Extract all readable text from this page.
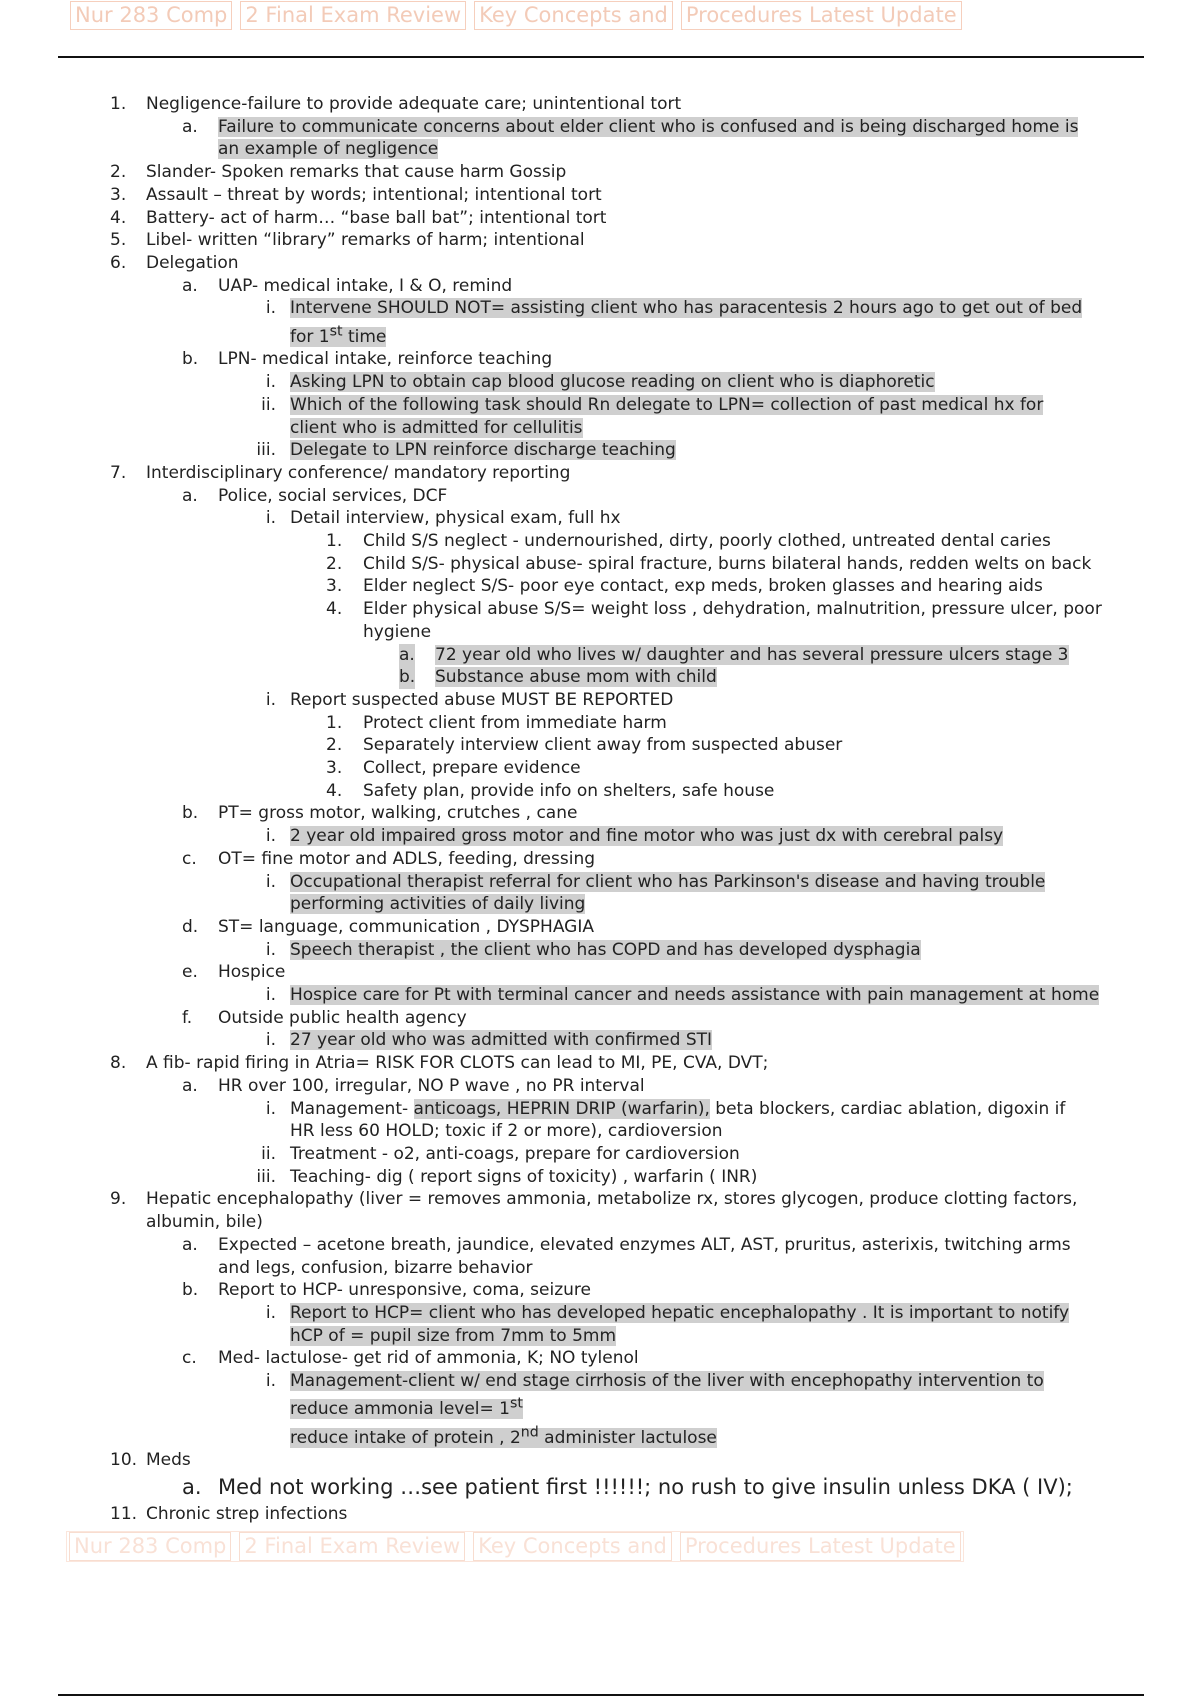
Nur 283 Comp 2 Final Exam Review Key Concepts and Procedures Latest Update
1. Negligence-failure to provide adequate care; unintentional tort
a. Failure to communicate concerns about elder client who is confused and is being discharged home is
an example of negligence
2. Slander- Spoken remarks that cause harm Gossip
3. Assault – threat by words; intentional; intentional tort
4. Battery- act of harm… “base ball bat”; intentional tort
5. Libel- written “library” remarks of harm; intentional
6. Delegation
a. UAP- medical intake, I & O, remind
i. Intervene SHOULD NOT= assisting client who has paracentesis 2 hours ago to get out of bed
for 1st time
b. LPN- medical intake, reinforce teaching
i. Asking LPN to obtain cap blood glucose reading on client who is diaphoretic
ii. Which of the following task should Rn delegate to LPN= collection of past medical hx for
client who is admitted for cellulitis
iii. Delegate to LPN reinforce discharge teaching
7. Interdisciplinary conference/ mandatory reporting
a. Police, social services, DCF
i. Detail interview, physical exam, full hx
1. Child S/S neglect - undernourished, dirty, poorly clothed, untreated dental caries
2. Child S/S- physical abuse- spiral fracture, burns bilateral hands, redden welts on back
3. Elder neglect S/S- poor eye contact, exp meds, broken glasses and hearing aids
4. Elder physical abuse S/S= weight loss , dehydration, malnutrition, pressure ulcer, poor
hygiene
a. 72 year old who lives w/ daughter and has several pressure ulcers stage 3
b. Substance abuse mom with child
i. Report suspected abuse MUST BE REPORTED
1. Protect client from immediate harm
2. Separately interview client away from suspected abuser
3. Collect, prepare evidence
4. Safety plan, provide info on shelters, safe house
b. PT= gross motor, walking, crutches , cane
i. 2 year old impaired gross motor and fine motor who was just dx with cerebral palsy
c. OT= fine motor and ADLS, feeding, dressing
i. Occupational therapist referral for client who has Parkinson's disease and having trouble
performing activities of daily living
d. ST= language, communication , DYSPHAGIA
i. Speech therapist , the client who has COPD and has developed dysphagia
e. Hospice
i. Hospice care for Pt with terminal cancer and needs assistance with pain management at home
f. Outside public health agency
i. 27 year old who was admitted with confirmed STI
8. A fib- rapid firing in Atria= RISK FOR CLOTS can lead to MI, PE, CVA, DVT;
a. HR over 100, irregular, NO P wave , no PR interval
i. Management- anticoags, HEPRIN DRIP (warfarin), beta blockers, cardiac ablation, digoxin if
HR less 60 HOLD; toxic if 2 or more), cardioversion
ii. Treatment - o2, anti-coags, prepare for cardioversion
iii. Teaching- dig ( report signs of toxicity) , warfarin ( INR)
9. Hepatic encephalopathy (liver = removes ammonia, metabolize rx, stores glycogen, produce clotting factors,
albumin, bile)
a. Expected – acetone breath, jaundice, elevated enzymes ALT, AST, pruritus, asterixis, twitching arms
and legs, confusion, bizarre behavior
b. Report to HCP- unresponsive, coma, seizure
i. Report to HCP= client who has developed hepatic encephalopathy . It is important to notify
hCP of = pupil size from 7mm to 5mm
c. Med- lactulose- get rid of ammonia, K; NO tylenol
i. Management-client w/ end stage cirrhosis of the liver with encephopathy intervention to
reduce ammonia level= 1st
reduce intake of protein , 2nd administer lactulose
10. Meds
a. Med not working …see patient first !!!!!!; no rush to give insulin unless DKA ( IV);
11. Chronic strep infections
Nur 283 Comp 2 Final Exam Review Key Concepts and Procedures Latest Update
